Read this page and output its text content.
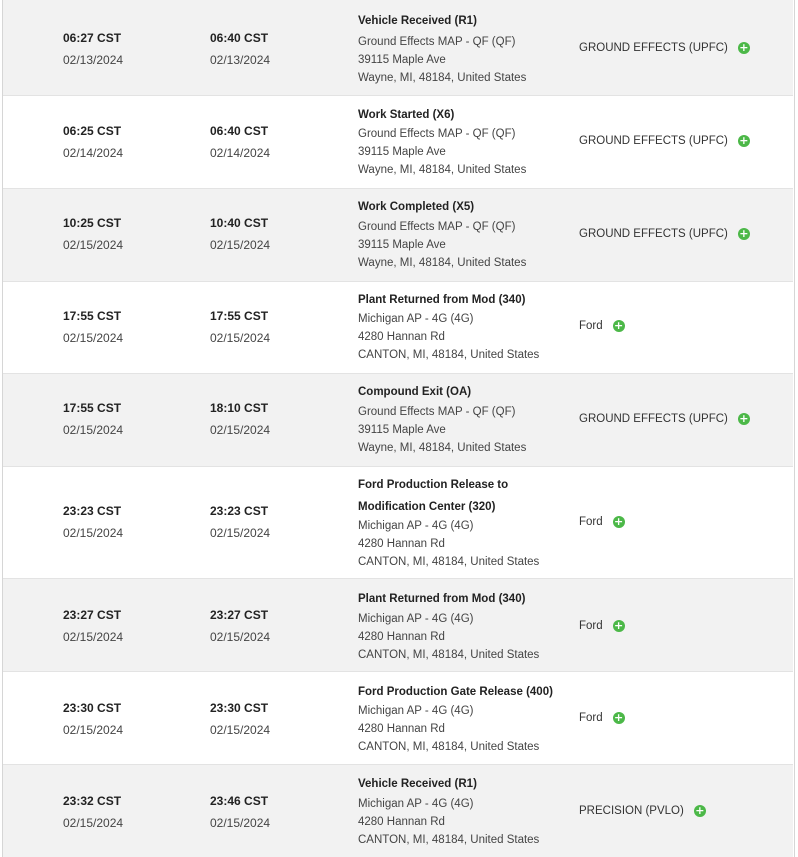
06:27 CST
02/13/2024
06:40 CST
02/13/2024
Vehicle Received (R1)
Ground Effects MAP - QF (QF)
39115 Maple Ave
Wayne, MI, 48184, United States
GROUND EFFECTS (UPFC) +
06:25 CST
02/14/2024
06:40 CST
02/14/2024
Work Started (X6)
Ground Effects MAP - QF (QF)
39115 Maple Ave
Wayne, MI, 48184, United States
GROUND EFFECTS (UPFC) +
10:25 CST
02/15/2024
10:40 CST
02/15/2024
Work Completed (X5)
Ground Effects MAP - QF (QF)
39115 Maple Ave
Wayne, MI, 48184, United States
GROUND EFFECTS (UPFC) +
17:55 CST
02/15/2024
17:55 CST
02/15/2024
Plant Returned from Mod (340)
Michigan AP - 4G (4G)
4280 Hannan Rd
CANTON, MI, 48184, United States
Ford +
17:55 CST
02/15/2024
18:10 CST
02/15/2024
Compound Exit (OA)
Ground Effects MAP - QF (QF)
39115 Maple Ave
Wayne, MI, 48184, United States
GROUND EFFECTS (UPFC) +
23:23 CST
02/15/2024
23:23 CST
02/15/2024
Ford Production Release to
Modification Center (320)
Michigan AP - 4G (4G)
4280 Hannan Rd
CANTON, MI, 48184, United States
Ford +
23:27 CST
02/15/2024
23:27 CST
02/15/2024
Plant Returned from Mod (340)
Michigan AP - 4G (4G)
4280 Hannan Rd
CANTON, MI, 48184, United States
Ford +
23:30 CST
02/15/2024
23:30 CST
02/15/2024
Ford Production Gate Release (400)
Michigan AP - 4G (4G)
4280 Hannan Rd
CANTON, MI, 48184, United States
Ford +
23:32 CST
02/15/2024
23:46 CST
02/15/2024
Vehicle Received (R1)
Michigan AP - 4G (4G)
4280 Hannan Rd
CANTON, MI, 48184, United States
PRECISION (PVLO) +
